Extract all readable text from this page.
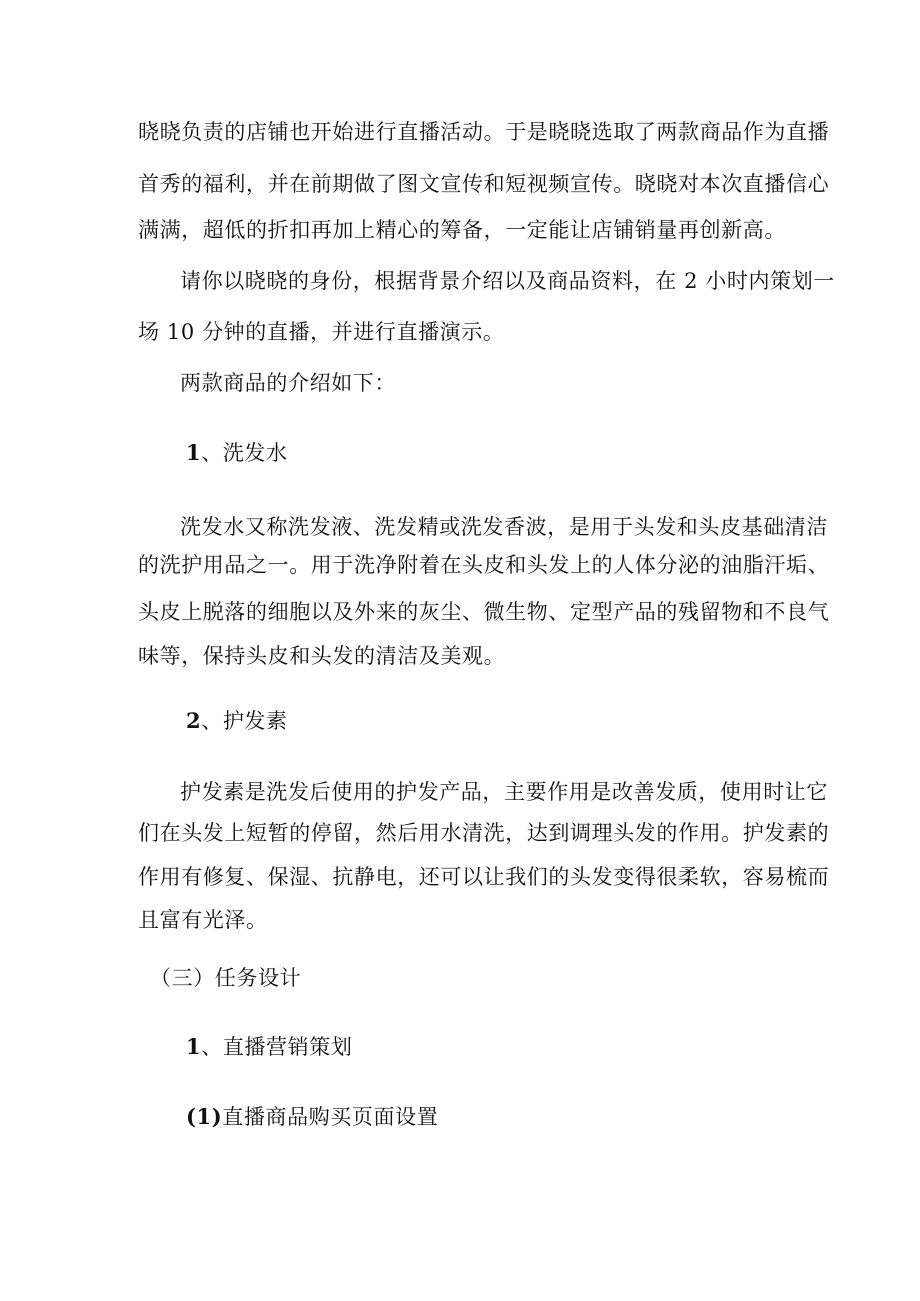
晓晓负责的店铺也开始进行直播活动。于是晓晓选取了两款商品作为直播
首秀的福利，并在前期做了图文宣传和短视频宣传。晓晓对本次直播信心
满满，超低的折扣再加上精心的筹备，一定能让店铺销量再创新高。
请你以晓晓的身份，根据背景介绍以及商品资料，在 2 小时内策划一
场 10 分钟的直播，并进行直播演示。
两款商品的介绍如下：
1、洗发水
洗发水又称洗发液、洗发精或洗发香波，是用于头发和头皮基础清洁
的洗护用品之一。用于洗净附着在头皮和头发上的人体分泌的油脂汗垢、
头皮上脱落的细胞以及外来的灰尘、微生物、定型产品的残留物和不良气
味等，保持头皮和头发的清洁及美观。
2、护发素
护发素是洗发后使用的护发产品，主要作用是改善发质，使用时让它
们在头发上短暂的停留，然后用水清洗，达到调理头发的作用。护发素的
作用有修复、保湿、抗静电，还可以让我们的头发变得很柔软，容易梳而
且富有光泽。
（三）任务设计
1、直播营销策划
(1)直播商品购买页面设置
